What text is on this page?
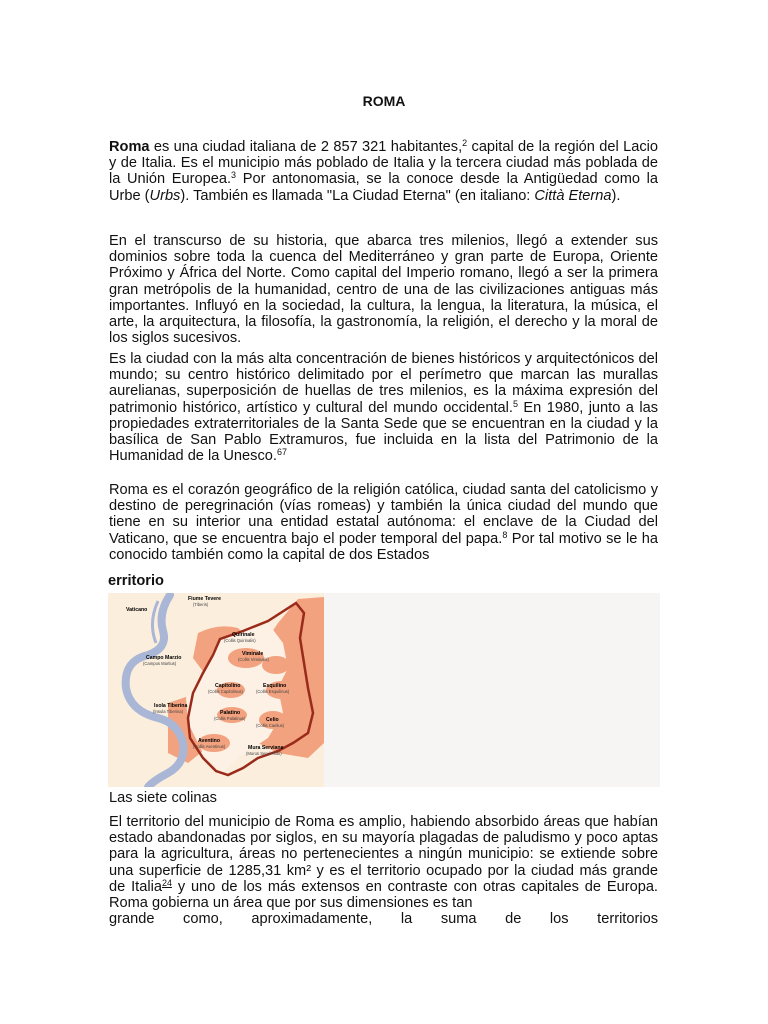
ROMA

Roma es una ciudad italiana de 2 857 321 habitantes,$^2$ capital de la región del Lacio y de Italia. Es el municipio más poblado de Italia y la tercera ciudad más poblada de la Unión Europea.$^3$ Por antonomasia, se la conoce desde la Antigüedad como la Urbe (Urbs). También es llamada "La Ciudad Eterna" (en italiano: Città Eterna).

En el transcurso de su historia, que abarca tres milenios, llegó a extender sus dominios sobre toda la cuenca del Mediterráneo y gran parte de Europa, Oriente Próximo y África del Norte. Como capital del Imperio romano, llegó a ser la primera gran metrópolis de la humanidad, centro de una de las civilizaciones antiguas más importantes. Influyó en la sociedad, la cultura, la lengua, la literatura, la música, el arte, la arquitectura, la filosofía, la gastronomía, la religión, el derecho y la moral de los siglos sucesivos.

Es la ciudad con la más alta concentración de bienes históricos y arquitectónicos del mundo; su centro histórico delimitado por el perímetro que marcan las murallas aurelianas, superposición de huellas de tres milenios, es la máxima expresión del patrimonio histórico, artístico y cultural del mundo occidental.$^5$ En 1980, junto a las propiedades extraterritoriales de la Santa Sede que se encuentran en la ciudad y la basílica de San Pablo Extramuros, fue incluida en la lista del Patrimonio de la Humanidad de la Unesco.$^{67}$

Roma es el corazón geográfico de la religión católica, ciudad santa del catolicismo y destino de peregrinación (vías romeas) y también la única ciudad del mundo que tiene en su interior una entidad estatal autónoma: el enclave de la Ciudad del Vaticano, que se encuentra bajo el poder temporal del papa.$^8$ Por tal motivo se le ha conocido también como la capital de dos Estados

erritorio
Fiume Tevere
(Tiberis)
Vaticano
Quirinale
(Collis Quirinalis)
Viminale
(Collis Viminalis)
Campo Marzio
(Campus Martius)
Capitolino
(Collis Capitolinus)
Esquilino
(Collis Esquilinus)
Isola Tiberina
(Insula Tiberina)	Palatino
(Collis Palatinus)	Celio
(Collis Caelius)
Aventino
(Collis Aventinus)	Mura Serviane
(Murus Servii Tullii)
Las siete colinas

El territorio del municipio de Roma es amplio, habiendo absorbido áreas que habían estado abandonadas por siglos, en su mayoría plagadas de paludismo y poco aptas para la agricultura, áreas no pertenecientes a ningún municipio: se extiende sobre una superficie de 1285,31 km² y es el territorio ocupado por la ciudad más grande de Italia$^{24}$ y uno de los más extensos en contraste con otras capitales de Europa. Roma gobierna un área que por sus dimensiones es tan

grande como, aproximadamente, la suma de los territorios
